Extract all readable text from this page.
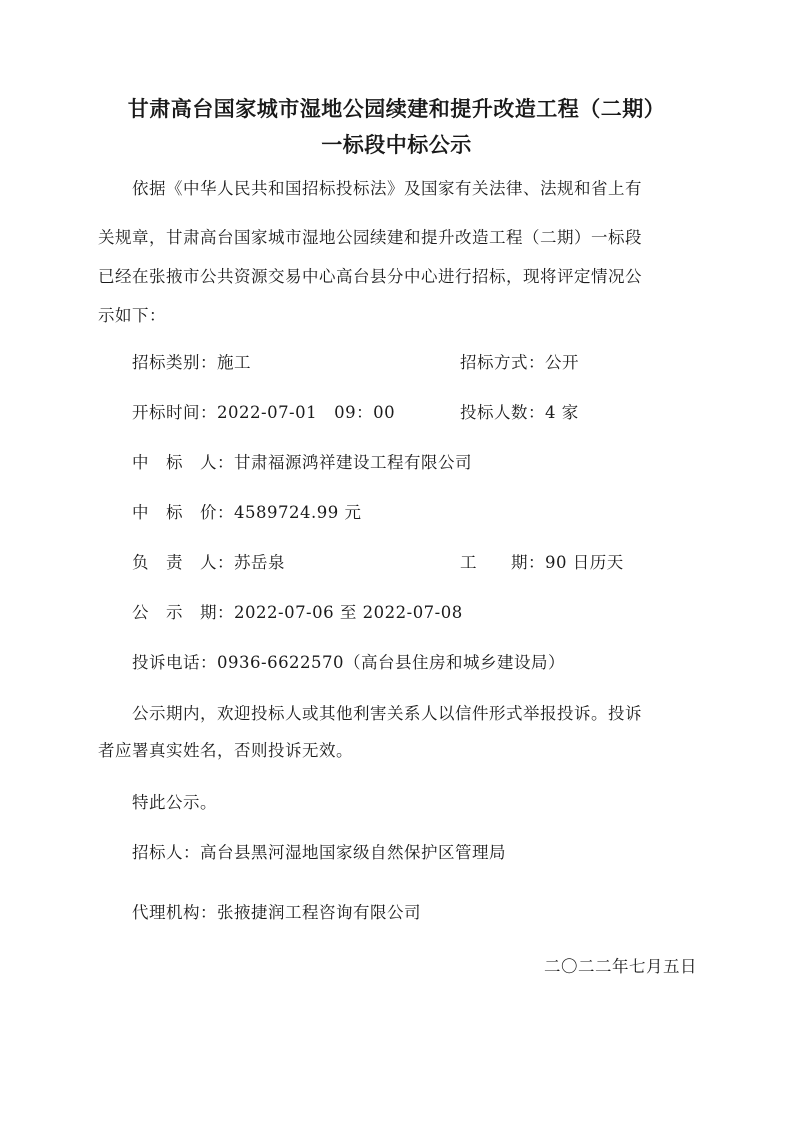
甘肃高台国家城市湿地公园续建和提升改造工程（二期）
一标段中标公示
依据《中华人民共和国招标投标法》及国家有关法律、法规和省上有
关规章，甘肃高台国家城市湿地公园续建和提升改造工程（二期）一标段
已经在张掖市公共资源交易中心高台县分中心进行招标，现将评定情况公
示如下：
招标类别：施工	招标方式：公开
开标时间：2022-07-01　09：00	投标人数：4 家
中　标　人：甘肃福源鸿祥建设工程有限公司
中　标　价：4589724.99 元
负　责　人：苏岳泉	工　　期：90 日历天
公　示　期：2022-07-06 至 2022-07-08
投诉电话：0936-6622570（高台县住房和城乡建设局）
公示期内，欢迎投标人或其他利害关系人以信件形式举报投诉。投诉
者应署真实姓名，否则投诉无效。
特此公示。
招标人：高台县黑河湿地国家级自然保护区管理局
代理机构：张掖捷润工程咨询有限公司
二〇二二年七月五日
